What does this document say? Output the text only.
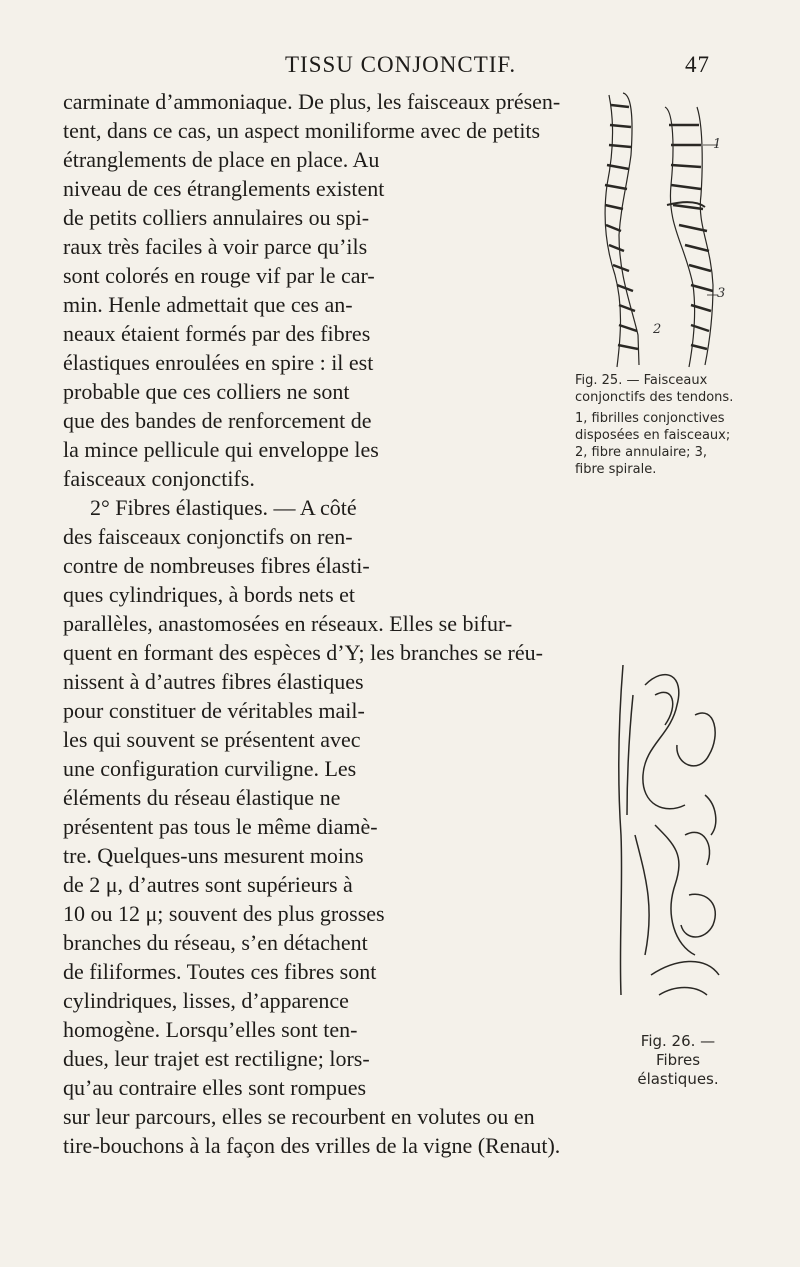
TISSU CONJONCTIF.	47
carminate d’ammoniaque. De plus, les faisceaux présen-
tent, dans ce cas, un aspect moniliforme avec de petits
étranglements de place en place. Au
niveau de ces étranglements existent
de petits colliers annulaires ou spi-
raux très faciles à voir parce qu’ils
sont colorés en rouge vif par le car-
min. Henle admettait que ces an-
neaux étaient formés par des fibres
élastiques enroulées en spire : il est
probable que ces colliers ne sont
que des bandes de renforcement de
la mince pellicule qui enveloppe les
faisceaux conjonctifs.
2° Fibres élastiques. — A côté
des faisceaux conjonctifs on ren-
contre de nombreuses fibres élasti-
ques cylindriques, à bords nets et
parallèles, anastomosées en réseaux. Elles se bifur-
quent en formant des espèces d’Y; les branches se réu-
nissent à d’autres fibres élastiques
pour constituer de véritables mail-
les qui souvent se présentent avec
une configuration curviligne. Les
éléments du réseau élastique ne
présentent pas tous le même diamè-
tre. Quelques-uns mesurent moins
de 2 μ, d’autres sont supérieurs à
10 ou 12 μ; souvent des plus grosses
branches du réseau, s’en détachent
de filiformes. Toutes ces fibres sont
cylindriques, lisses, d’apparence
homogène. Lorsqu’elles sont ten-
dues, leur trajet est rectiligne; lors-
qu’au contraire elles sont rompues
sur leur parcours, elles se recourbent en volutes ou en
tire-bouchons à la façon des vrilles de la vigne (Renaut).
1
2
3
Fig. 25. — Faisceaux conjonctifs des tendons.
1, fibrilles conjonctives disposées en faisceaux; 2, fibre annulaire; 3, fibre spirale.
Fig. 26. — Fibres élastiques.
